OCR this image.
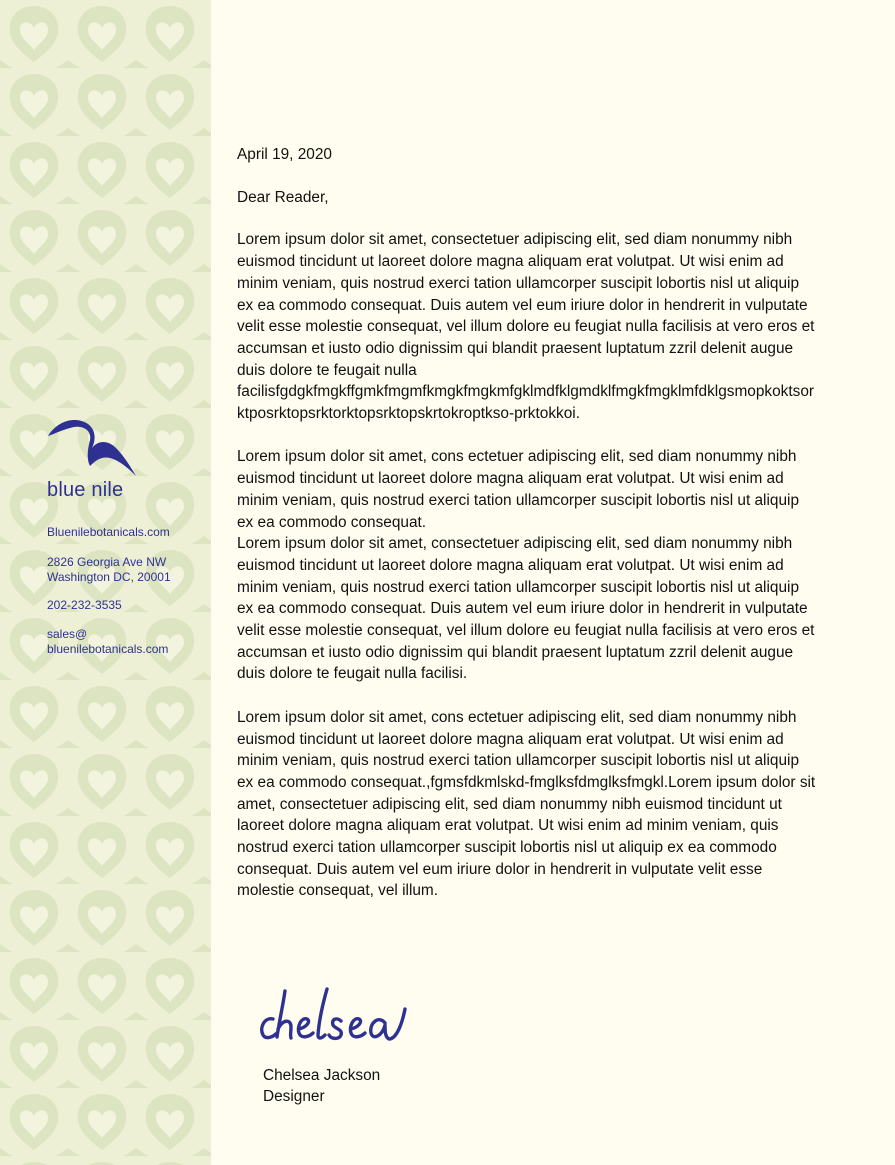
blue nile
Bluenilebotanicals.com
2826 Georgia Ave NW
Washington DC, 20001
202-232-3535
sales@
bluenilebotanicals.com
April 19, 2020
Dear Reader,
Lorem ipsum dolor sit amet, consectetuer adipiscing elit, sed diam nonummy nibh euismod tincidunt ut laoreet dolore magna aliquam erat volutpat. Ut wisi enim ad minim veniam, quis nostrud exerci tation ullamcorper suscipit lobortis nisl ut aliquip ex ea commodo consequat. Duis autem vel eum iriure dolor in hendrerit in vulputate velit esse molestie consequat, vel illum dolore eu feugiat nulla facilisis at vero eros et accumsan et iusto odio dignissim qui blandit praesent luptatum zzril delenit augue duis dolore te feugait nulla facilisfgdgkfmgkffgmkfmgmfkmgkfmgkmfgklmdfklgmdklfmgkfmgklmfdklgsmopkoktsorktposrktopsrktorktopsrktopskrtokroptkso-prktokkoi.
Lorem ipsum dolor sit amet, cons ectetuer adipiscing elit, sed diam nonummy nibh euismod tincidunt ut laoreet dolore magna aliquam erat volutpat. Ut wisi enim ad minim veniam, quis nostrud exerci tation ullamcorper suscipit lobortis nisl ut aliquip ex ea commodo consequat.
Lorem ipsum dolor sit amet, consectetuer adipiscing elit, sed diam nonummy nibh euismod tincidunt ut laoreet dolore magna aliquam erat volutpat. Ut wisi enim ad minim veniam, quis nostrud exerci tation ullamcorper suscipit lobortis nisl ut aliquip ex ea commodo consequat. Duis autem vel eum iriure dolor in hendrerit in vulputate velit esse molestie consequat, vel illum dolore eu feugiat nulla facilisis at vero eros et accumsan et iusto odio dignissim qui blandit praesent luptatum zzril delenit augue duis dolore te feugait nulla facilisi.
Lorem ipsum dolor sit amet, cons ectetuer adipiscing elit, sed diam nonummy nibh euismod tincidunt ut laoreet dolore magna aliquam erat volutpat. Ut wisi enim ad minim veniam, quis nostrud exerci tation ullamcorper suscipit lobortis nisl ut aliquip ex ea commodo consequat.,fgmsfdkmlskd-fmglksfdmglksfmgkl.Lorem ipsum dolor sit amet, consectetuer adipiscing elit, sed diam nonummy nibh euismod tincidunt ut laoreet dolore magna aliquam erat volutpat. Ut wisi enim ad minim veniam, quis nostrud exerci tation ullamcorper suscipit lobortis nisl ut aliquip ex ea commodo consequat. Duis autem vel eum iriure dolor in hendrerit in vulputate velit esse molestie consequat, vel illum.
Chelsea Jackson
Designer
